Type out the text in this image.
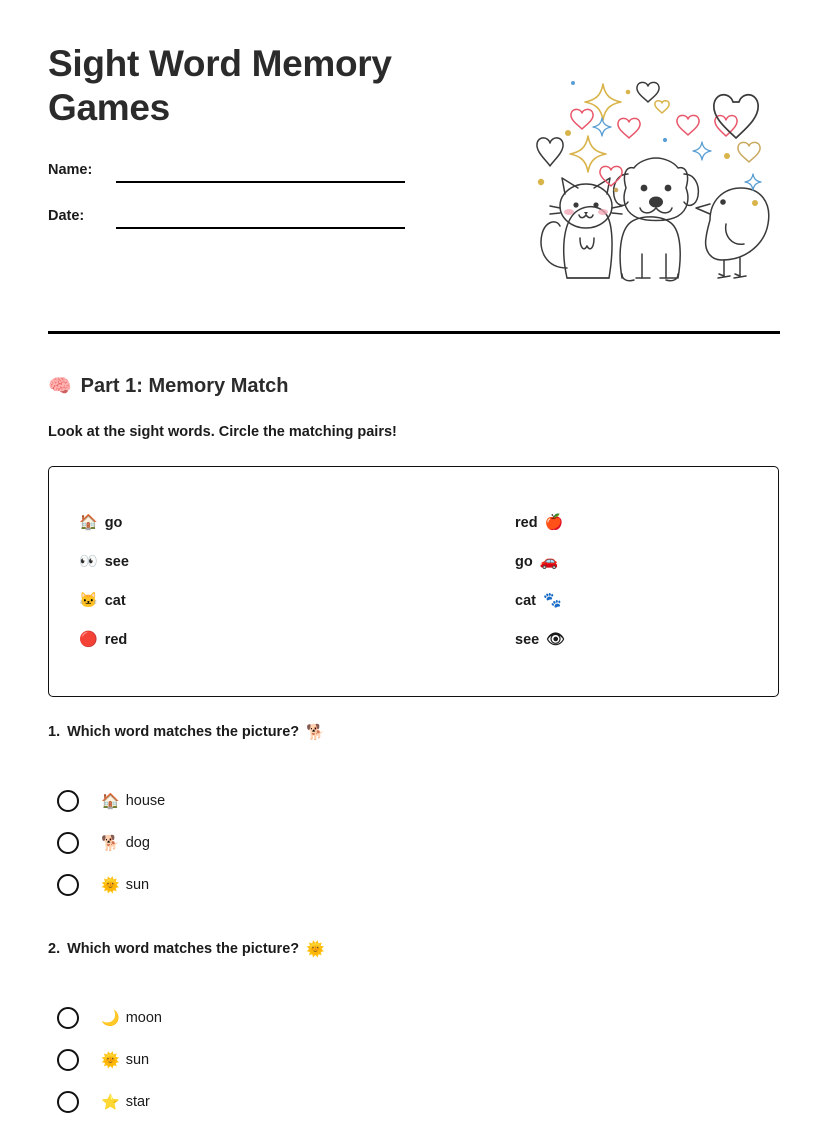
Sight Word Memory Games
Name:
Date:
🧠 Part 1: Memory Match
Look at the sight words. Circle the matching pairs!
🏠 go
👀 see
🐱 cat
🔴 red
red 🍎
go 🚗
cat 🐾
see 👁
1. Which word matches the picture? 🐕
🏠 house
🐕 dog
🌞 sun
2. Which word matches the picture? 🌞
🌙 moon
🌞 sun
⭐ star
